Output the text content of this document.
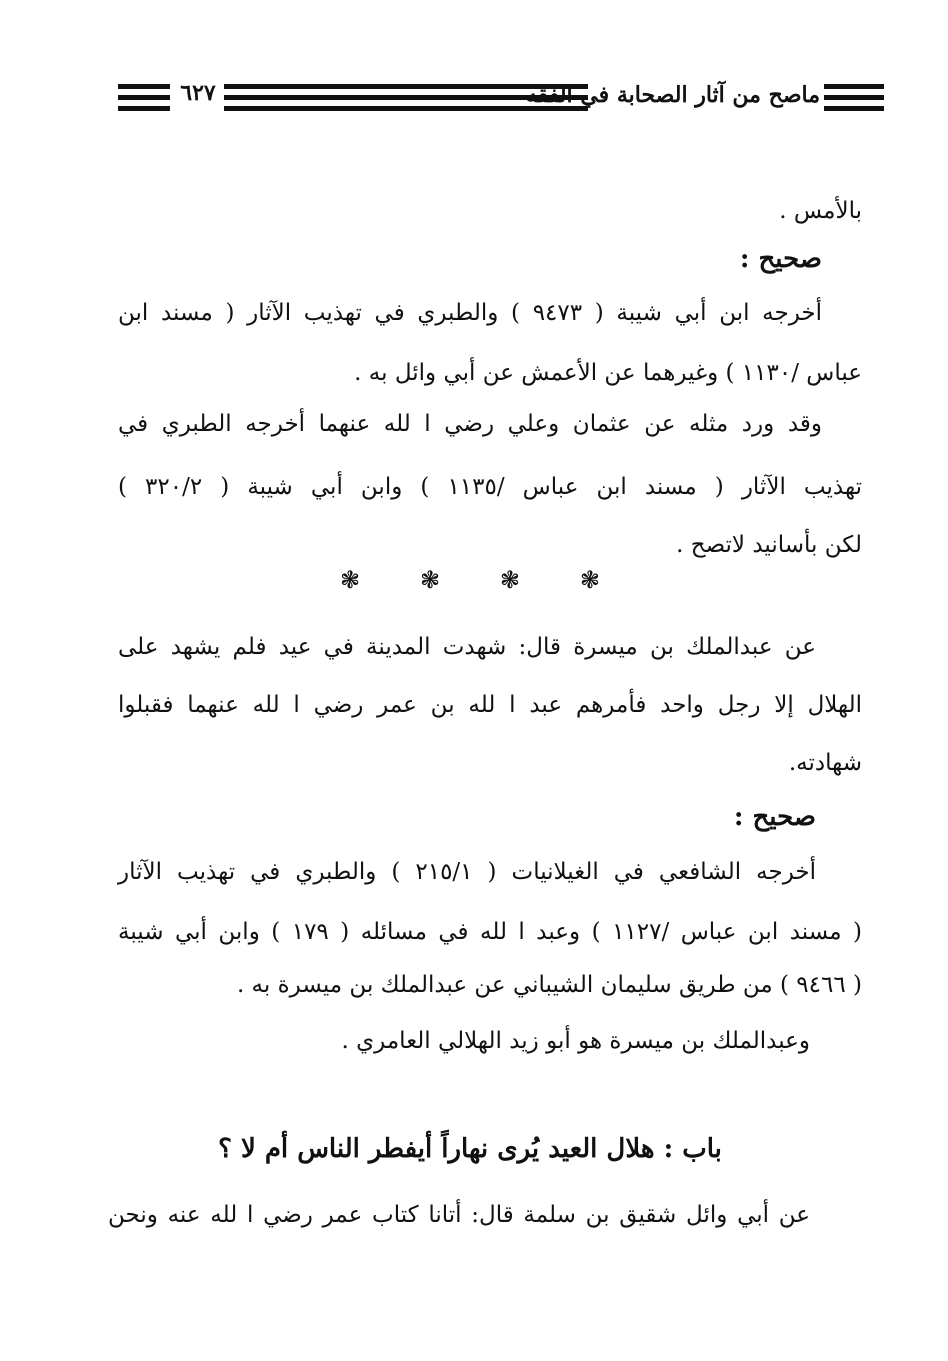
٦٢٧	ماصح من آثار الصحابة في الفقه
بالأمس .
صحيح :
أخرجه ابن أبي شيبة ( ٩٤٧٣ ) والطبري في تهذيب الآثار ( مسند ابن
عباس /١١٣٠ ) وغيرهما عن الأعمش عن أبي وائل به .
وقد ورد مثله عن عثمان وعلي رضي ا لله عنهما أخرجه الطبري في
تهذيب الآثار ( مسند ابن عباس /١١٣٥ ) وابن أبي شيبة ( ٣٢٠/٢ )
لكن بأسانيد لاتصح .
❃ ❃ ❃ ❃
عن عبدالملك بن ميسرة قال: شهدت المدينة في عيد فلم يشهد على
الهلال إلا رجل واحد فأمرهم عبد ا لله بن عمر رضي ا لله عنهما فقبلوا
شهادته.
صحيح :
أخرجه الشافعي في الغيلانيات ( ٢١٥/١ ) والطبري في تهذيب الآثار
( مسند ابن عباس /١١٢٧ ) وعبد ا لله في مسائله ( ١٧٩ ) وابن أبي شيبة
( ٩٤٦٦ ) من طريق سليمان الشيباني عن عبدالملك بن ميسرة به .
وعبدالملك بن ميسرة هو أبو زيد الهلالي العامري .
باب : هلال العيد يُرى نهاراً أيفطر الناس أم لا ؟
عن أبي وائل شقيق بن سلمة قال: أتانا كتاب عمر رضي ا لله عنه ونحن
